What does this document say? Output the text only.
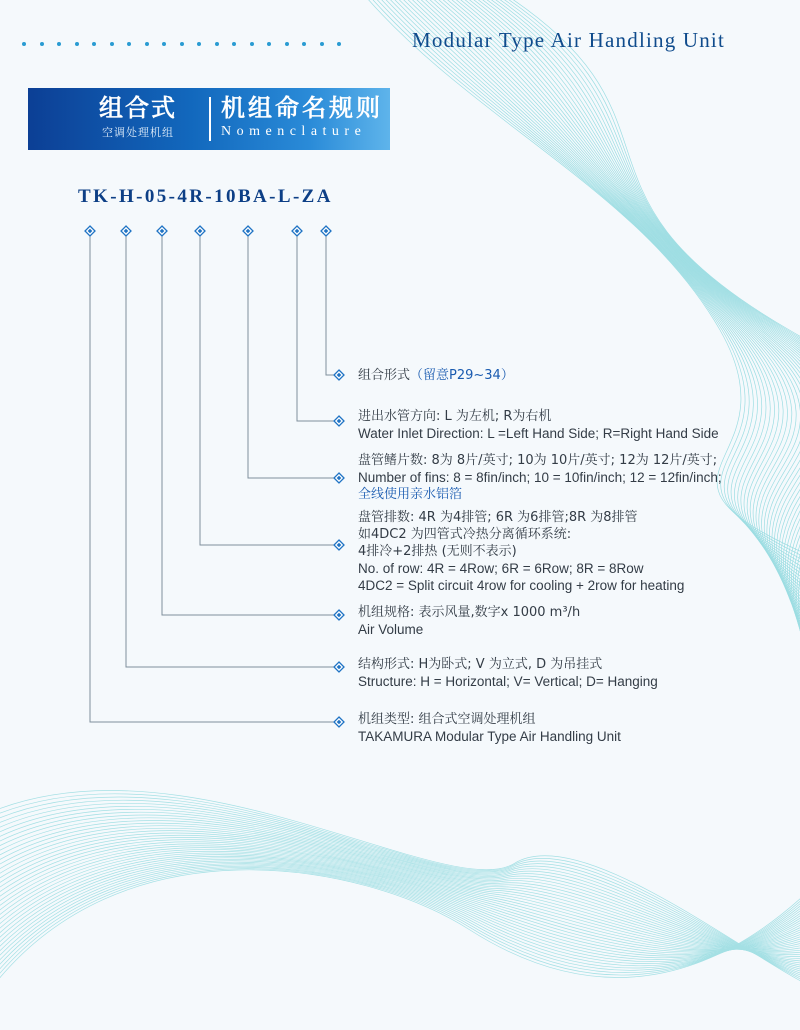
Modular Type Air Handling Unit
组合式
空调处理机组
机组命名规则
Nomenclature
TK-H-05-4R-10BA-L-ZA
组合形式（留意P29~34）
进出水管方向: L 为左机; R为右机
Water Inlet Direction: L =Left Hand Side; R=Right Hand Side
盘管鳍片数: 8为 8片/英寸; 10为 10片/英寸; 12为 12片/英寸;
Number of fins: 8 = 8fin/inch; 10 = 10fin/inch; 12 = 12fin/inch;
全线使用亲水铝箔
盘管排数: 4R 为4排管; 6R 为6排管;8R 为8排管
如4DC2 为四管式冷热分离循环系统:
4排冷+2排热 (无则不表示)
No. of row: 4R = 4Row; 6R = 6Row; 8R = 8Row
4DC2 = Split circuit 4row for cooling + 2row for heating
机组规格: 表示风量,数字x 1000 m³/h
Air Volume
结构形式: H为卧式; V 为立式, D 为吊挂式
Structure: H = Horizontal; V= Vertical; D= Hanging
机组类型: 组合式空调处理机组
TAKAMURA Modular Type Air Handling Unit
